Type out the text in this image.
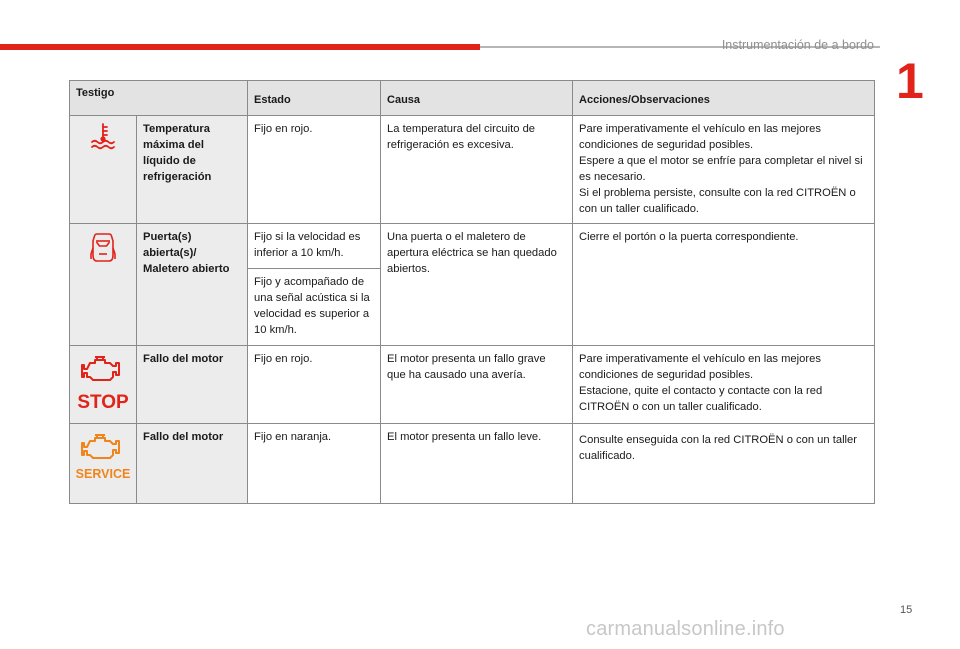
Instrumentación de a bordo
1
Testigo		Estado	Causa	Acciones/Observaciones

	Temperatura máxima del líquido de refrigeración	Fijo en rojo.	La temperatura del circuito de refrigeración es excesiva.	Pare imperativamente el vehículo en las mejores condiciones de seguridad posibles.
Espere a que el motor se enfríe para completar el nivel si es necesario.
Si el problema persiste, consulte con la red CITROËN o con un taller cualificado.

	Puerta(s) abierta(s)/ Maletero abierto	Fijo si la velocidad es inferior a 10 km/h.	Una puerta o el maletero de apertura eléctrica se han quedado abiertos.	Cierre el portón o la puerta correspondiente.

		Fijo y acompañado de una señal acústica si la velocidad es superior a 10 km/h.		

STOP	Fallo del motor	Fijo en rojo.	El motor presenta un fallo grave que ha causado una avería.	Pare imperativamente el vehículo en las mejores condiciones de seguridad posibles.
Estacione, quite el contacto y contacte con la red CITROËN o con un taller cualificado.

SERVICE	Fallo del motor	Fijo en naranja.	El motor presenta un fallo leve.	Consulte enseguida con la red CITROËN o con un taller cualificado.
15
carmanualsonline.info
